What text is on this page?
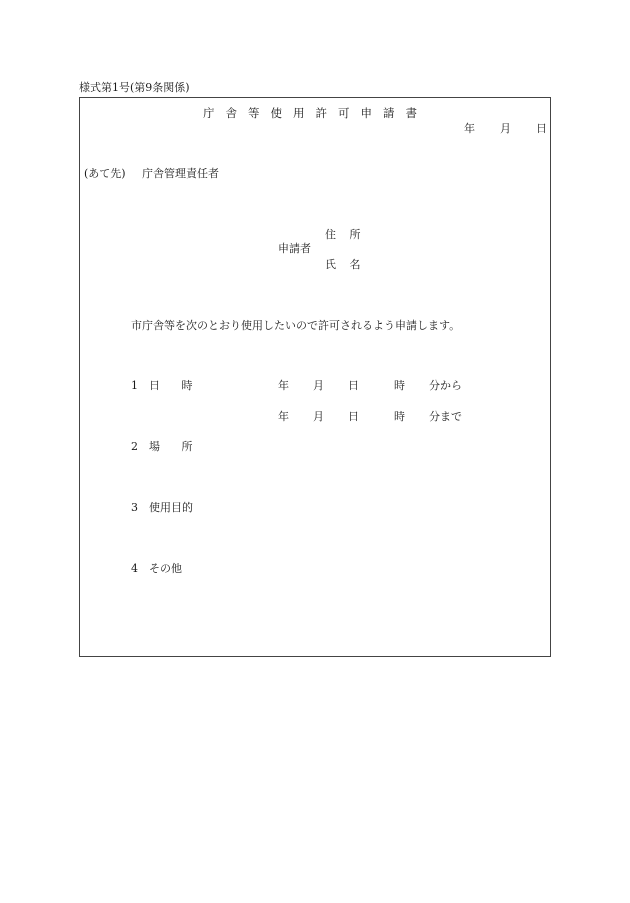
様式第1号(第9条関係)
庁舎等使用許可申請書
年 月 日
(あて先) 庁舎管理責任者
住 所
申請者
氏 名
市庁舎等を次のとおり使用したいので許可されるよう申請します。
1 日 時	年 月 日	時 分から
年 月 日	時 分まで
2 場 所
3 使用目的
4 その他
